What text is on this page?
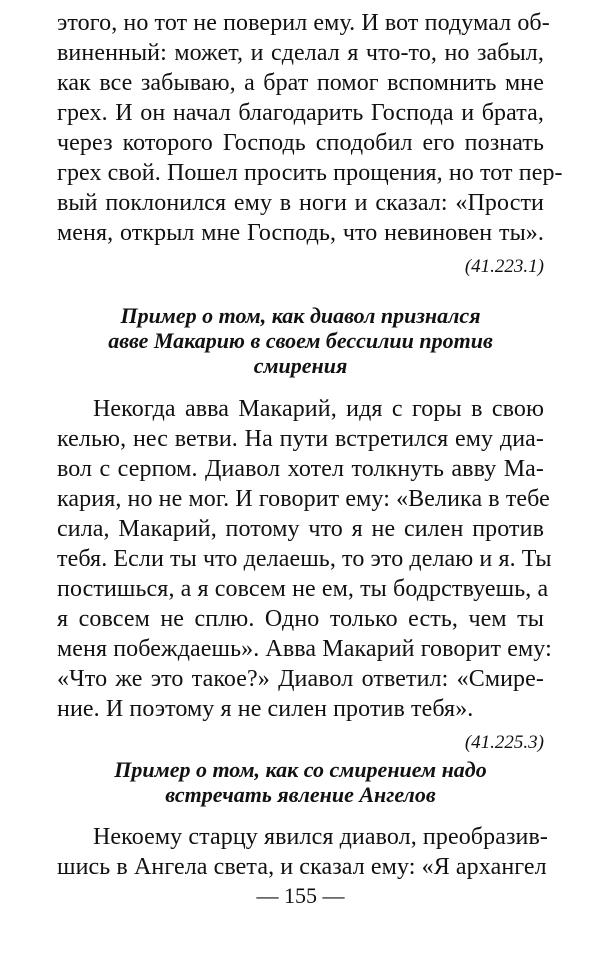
этого, но тот не поверил ему. И вот подумал об-
виненный: может, и сделал я что-то, но забыл,
как все забываю, а брат помог вспомнить мне
грех. И он начал благодарить Господа и брата,
через которого Господь сподобил его познать
грех свой. Пошел просить прощения, но тот пер-
вый поклонился ему в ноги и сказал: «Прости
меня, открыл мне Господь, что невиновен ты».
(41.223.1)
Пример о том, как диавол признался
авве Макарию в своем бессилии против
смирения
Некогда авва Макарий, идя с горы в свою
келью, нес ветви. На пути встретился ему диа-
вол с серпом. Диавол хотел толкнуть авву Ма-
кария, но не мог. И говорит ему: «Велика в тебе
сила, Макарий, потому что я не силен против
тебя. Если ты что делаешь, то это делаю и я. Ты
постишься, а я совсем не ем, ты бодрствуешь, а
я совсем не сплю. Одно только есть, чем ты
меня побеждаешь». Авва Макарий говорит ему:
«Что же это такое?» Диавол ответил: «Смире-
ние. И поэтому я не силен против тебя».
(41.225.3)
Пример о том, как со смирением надо
встречать явление Ангелов
Некоему старцу явился диавол, преобразив-
шись в Ангела света, и сказал ему: «Я архангел
— 155 —
